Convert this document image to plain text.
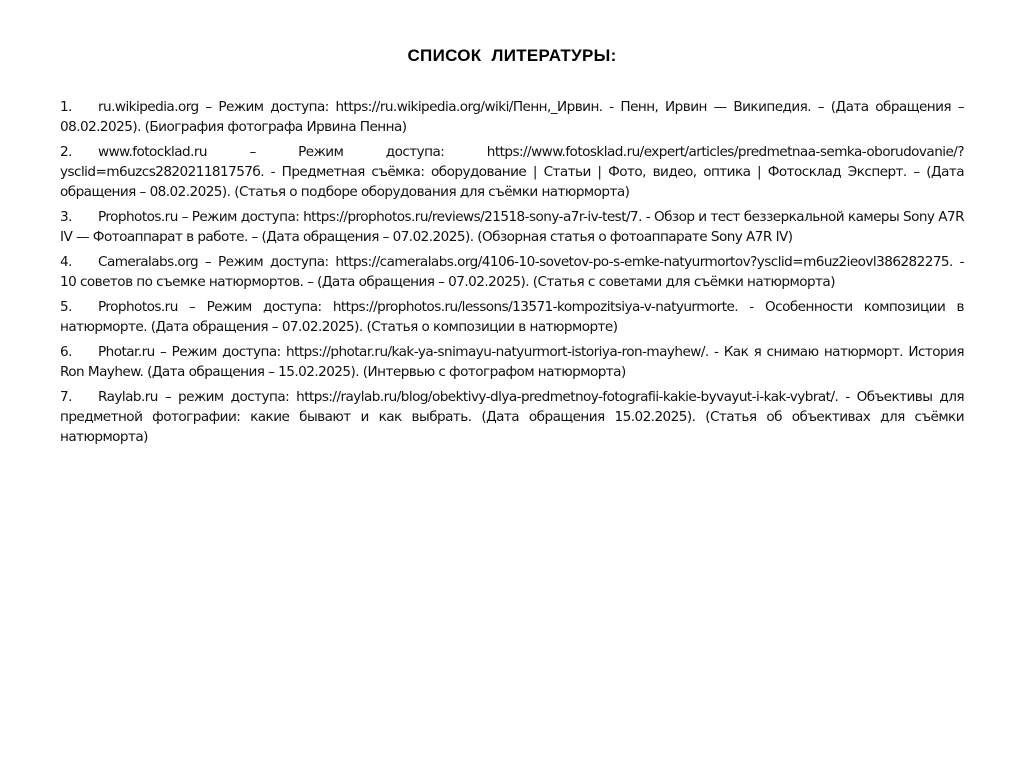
СПИСОК  ЛИТЕРАТУРЫ:
1. ru.wikipedia.org – Режим доступа: https://ru.wikipedia.org/wiki/Пенн,_Ирвин. - Пенн, Ирвин — Википедия. – (Дата обращения – 08.02.2025). (Биография фотографа Ирвина Пенна)
2. www.fotocklad.ru – Режим доступа: https://www.fotosklad.ru/expert/articles/predmetnaa-semka-oborudovanie/?ysclid=m6uzcs282021181757б. - Предметная съёмка: оборудование | Статьи | Фото, видео, оптика | Фотосклад Эксперт. – (Дата обращения – 08.02.2025). (Статья о подборе оборудования для съёмки натюрморта)
3. Prophotos.ru – Режим доступа: https://prophotos.ru/reviews/21518-sony-a7r-iv-test/7. - Обзор и тест беззеркальной камеры Sony A7R IV — Фотоаппарат в работе. – (Дата обращения – 07.02.2025). (Обзорная статья о фотоаппарате Sony A7R IV)
4. Cameralabs.org – Режим доступа: https://cameralabs.org/4106-10-sovetov-po-s-emke-natyurmortov?ysclid=m6uz2ieovl386282275. - 10 советов по съемке натюрмортов. – (Дата обращения – 07.02.2025). (Статья с советами для съёмки натюрморта)
5. Prophotos.ru – Режим доступа: https://prophotos.ru/lessons/13571-kompozitsiya-v-natyurmorte. - Особенности композиции в натюрморте. (Дата обращения – 07.02.2025). (Статья о композиции в натюрморте)
6. Photar.ru – Режим доступа: https://photar.ru/kak-ya-snimayu-natyurmort-istoriya-ron-mayhew/. - Как я снимаю натюрморт. История Ron Mayhew. (Дата обращения – 15.02.2025). (Интервью с фотографом натюрморта)
7. Raylab.ru – режим доступа: https://raylab.ru/blog/obektivy-dlya-predmetnoy-fotografii-kakie-byvayut-i-kak-vybrat/. - Объективы для предметной фотографии: какие бывают и как выбрать. (Дата обращения 15.02.2025). (Статья об объективах для съёмки натюрморта)
